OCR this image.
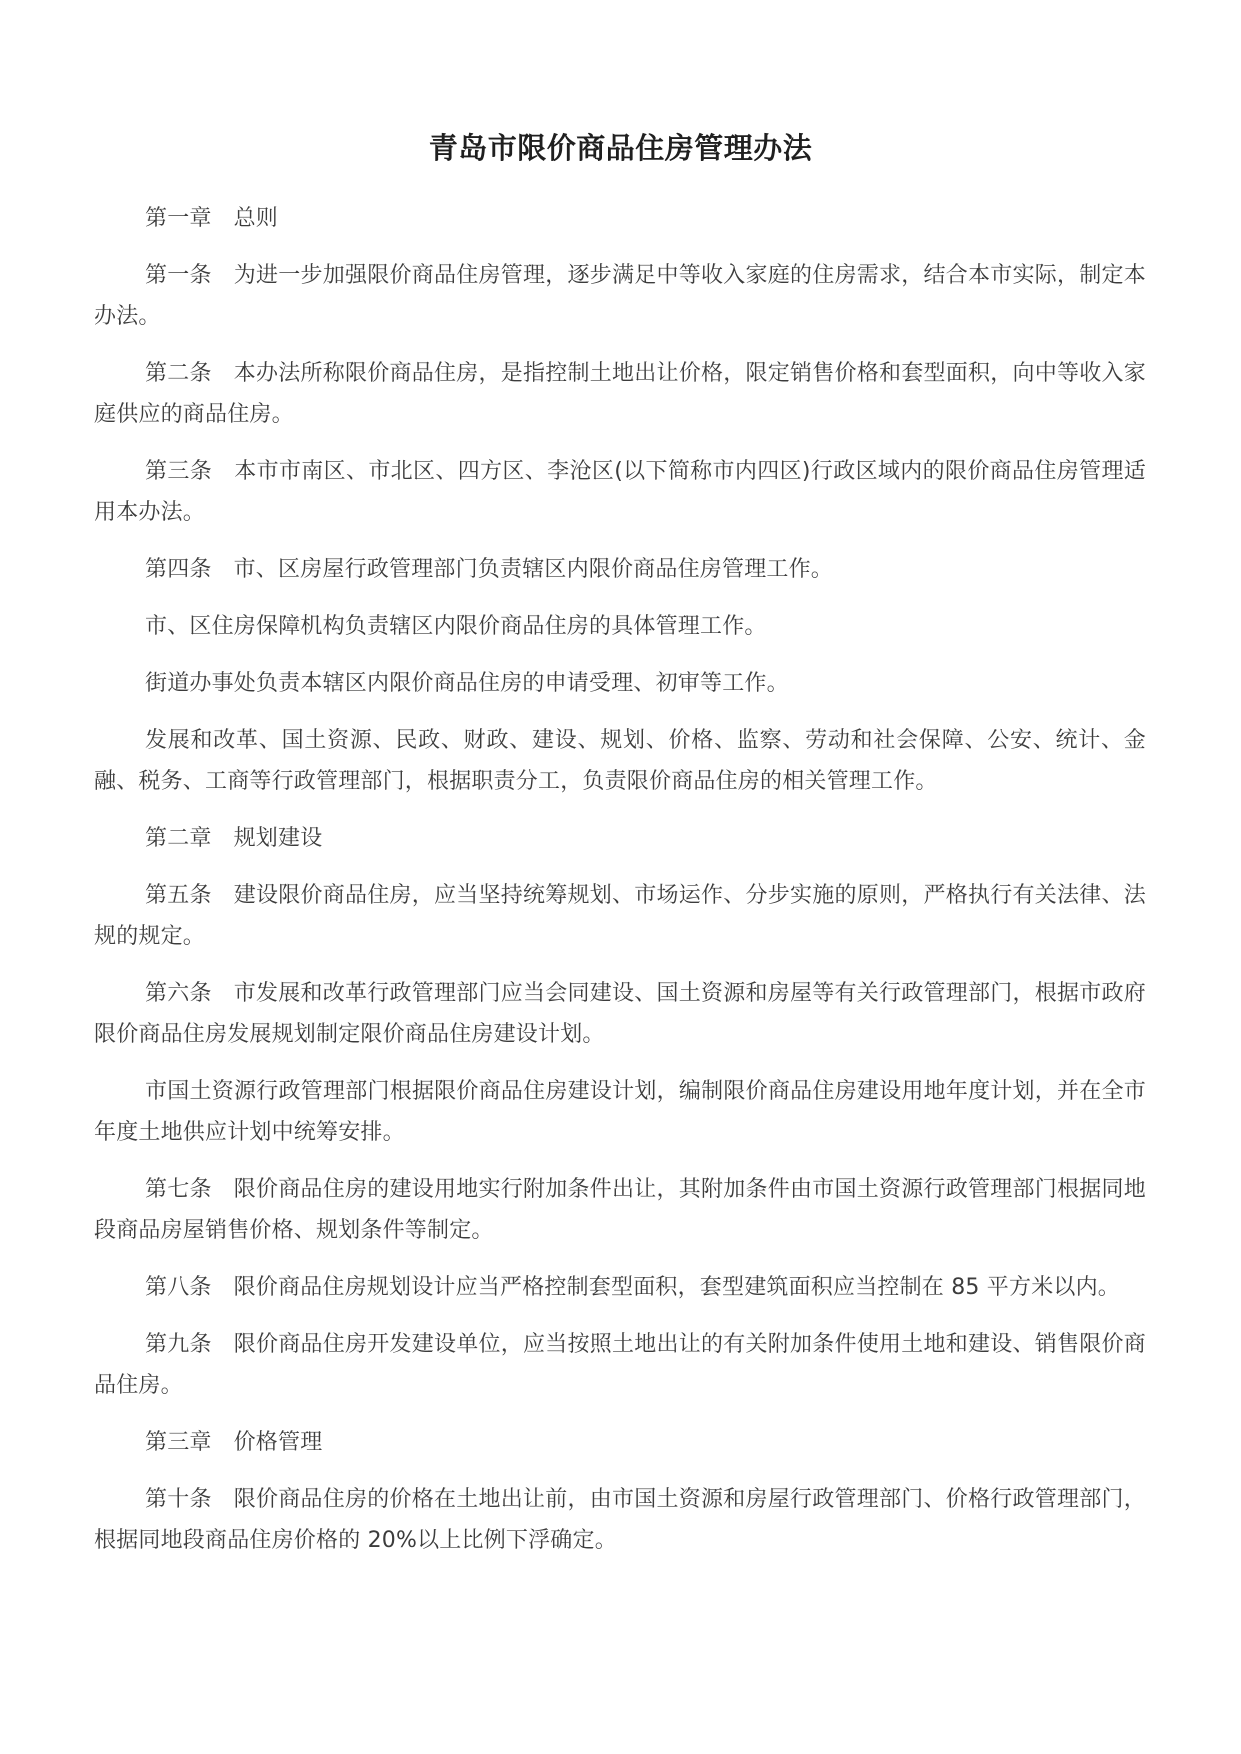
青岛市限价商品住房管理办法

第一章 总则

第一条 为进一步加强限价商品住房管理，逐步满足中等收入家庭的住房需求，结合本市实际，制定本办法。

第二条 本办法所称限价商品住房，是指控制土地出让价格，限定销售价格和套型面积，向中等收入家庭供应的商品住房。

第三条 本市市南区、市北区、四方区、李沧区(以下简称市内四区)行政区域内的限价商品住房管理适用本办法。

第四条 市、区房屋行政管理部门负责辖区内限价商品住房管理工作。

市、区住房保障机构负责辖区内限价商品住房的具体管理工作。

街道办事处负责本辖区内限价商品住房的申请受理、初审等工作。

发展和改革、国土资源、民政、财政、建设、规划、价格、监察、劳动和社会保障、公安、统计、金融、税务、工商等行政管理部门，根据职责分工，负责限价商品住房的相关管理工作。

第二章 规划建设

第五条 建设限价商品住房，应当坚持统筹规划、市场运作、分步实施的原则，严格执行有关法律、法规的规定。

第六条 市发展和改革行政管理部门应当会同建设、国土资源和房屋等有关行政管理部门，根据市政府限价商品住房发展规划制定限价商品住房建设计划。

市国土资源行政管理部门根据限价商品住房建设计划，编制限价商品住房建设用地年度计划，并在全市年度土地供应计划中统筹安排。

第七条 限价商品住房的建设用地实行附加条件出让，其附加条件由市国土资源行政管理部门根据同地段商品房屋销售价格、规划条件等制定。

第八条 限价商品住房规划设计应当严格控制套型面积，套型建筑面积应当控制在 85 平方米以内。

第九条 限价商品住房开发建设单位，应当按照土地出让的有关附加条件使用土地和建设、销售限价商品住房。

第三章 价格管理

第十条 限价商品住房的价格在土地出让前，由市国土资源和房屋行政管理部门、价格行政管理部门，根据同地段商品住房价格的 20%以上比例下浮确定。
